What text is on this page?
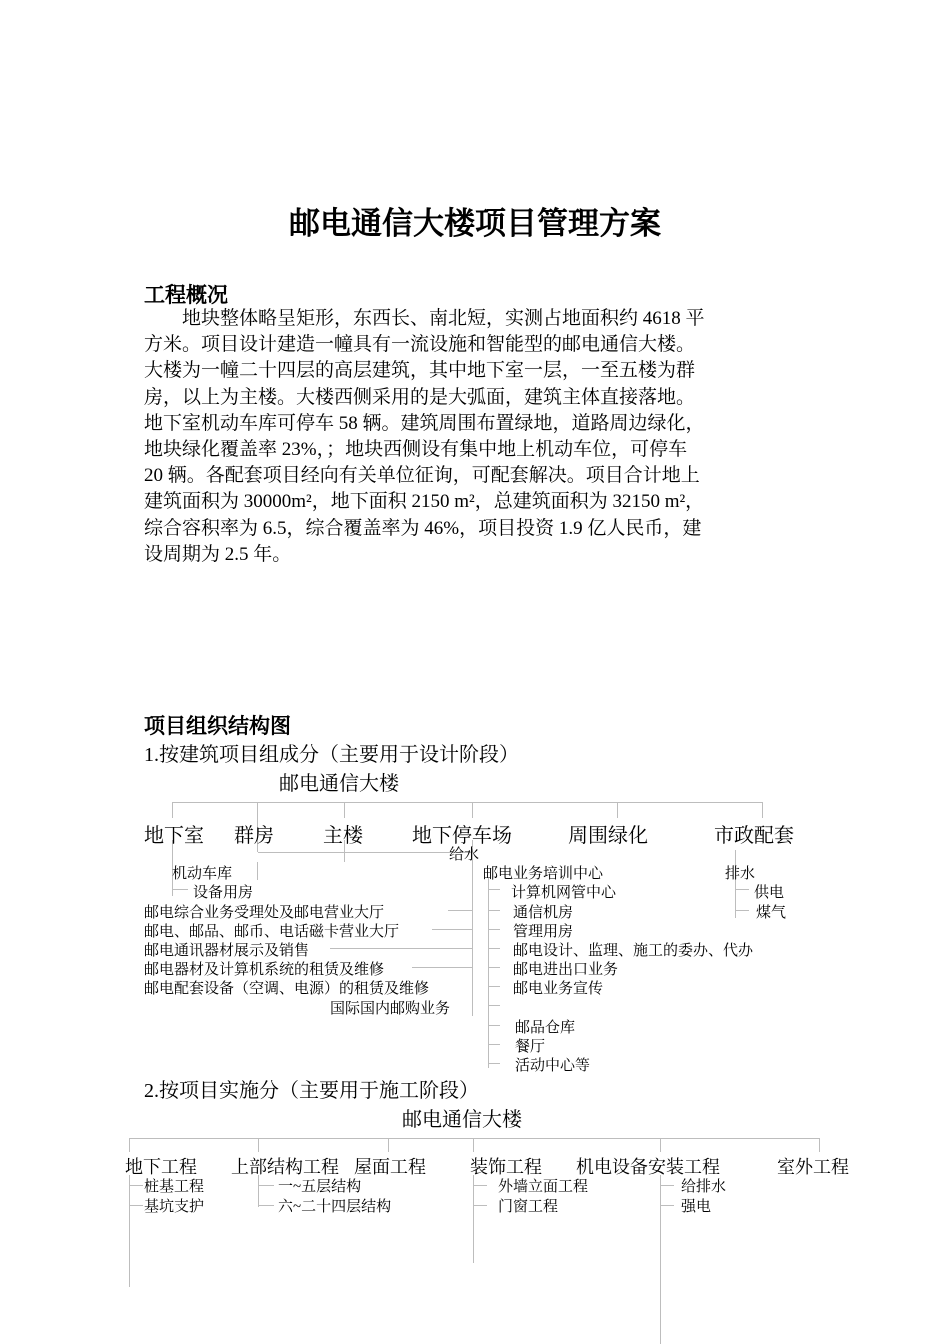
邮电通信大楼项目管理方案
工程概况
　　地块整体略呈矩形，东西长、南北短，实测占地面积约 4618 平
方米。项目设计建造一幢具有一流设施和智能型的邮电通信大楼。
大楼为一幢二十四层的高层建筑，其中地下室一层，一至五楼为群
房，以上为主楼。大楼西侧采用的是大弧面，建筑主体直接落地。
地下室机动车库可停车 58 辆。建筑周围布置绿地，道路周边绿化，
地块绿化覆盖率 23%，；地块西侧设有集中地上机动车位，可停车
20 辆。各配套项目经向有关单位征询，可配套解决。项目合计地上
建筑面积为 30000m²，地下面积 2150 m²，总建筑面积为 32150 m²，
综合容积率为 6.5，综合覆盖率为 46%，项目投资 1.9 亿人民币，建
设周期为 2.5 年。
项目组织结构图
1.按建筑项目组成分（主要用于设计阶段）
邮电通信大楼
地下室 群房 主楼 地下停车场	周围绿化	市政配套
给水
机动车库
设备用房
邮电综合业务受理处及邮电营业大厅
邮电、邮品、邮币、电话磁卡营业大厅
邮电通讯器材展示及销售
邮电器材及计算机系统的租赁及维修
邮电配套设备（空调、电源）的租赁及维修
国际国内邮购业务
邮电业务培训中心
计算机网管中心
通信机房
管理用房
邮电设计、监理、施工的委办、代办
邮电进出口业务
邮电业务宣传
邮品仓库
餐厅
活动中心等
排水
供电
煤气
2.按项目实施分（主要用于施工阶段）
邮电通信大楼
地下工程 上部结构工程 屋面工程 装饰工程 机电设备安装工程	室外工程
桩基工程
基坑支护
一~五层结构
六~二十四层结构
外墙立面工程
门窗工程
给排水
强电
